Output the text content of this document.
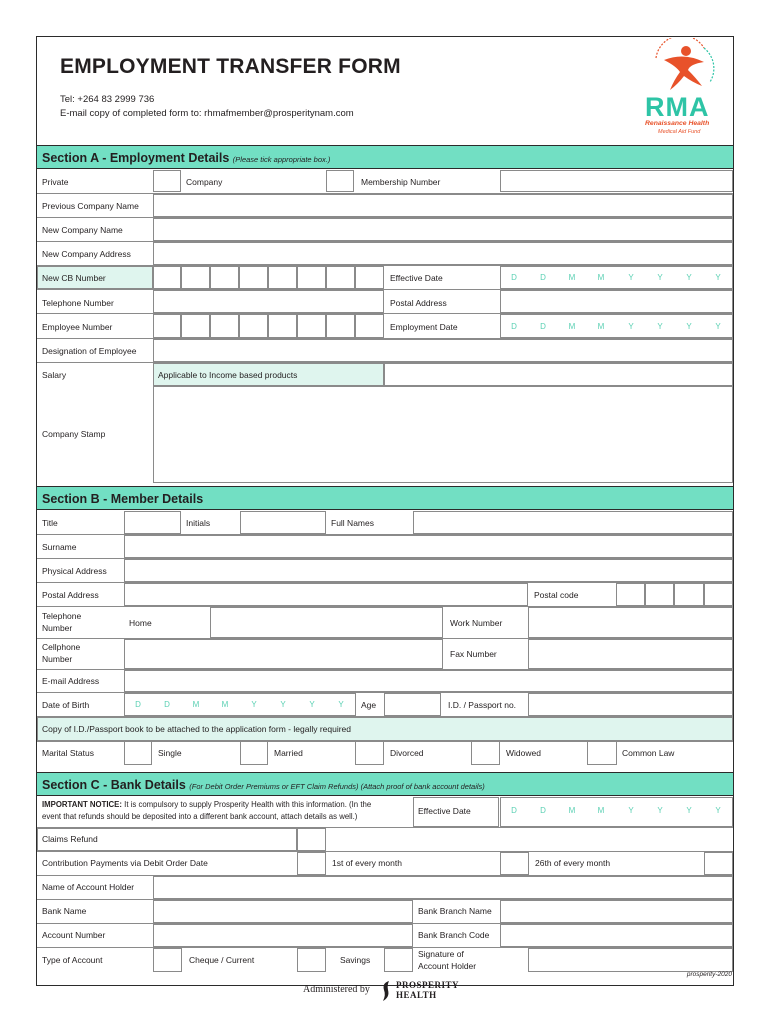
EMPLOYMENT TRANSFER FORM
Tel: +264 83 2999 736
E-mail copy of completed form to: rhmafmember@prosperitynam.com	RMA
Renaissance Health
Medical Aid Fund
Section A - Employment Details (Please tick appropriate box.)
Private	Company	Membership Number
Previous Company Name
New Company Name
New Company Address
New CB Number	Effective Date	D	D	M	M	Y	Y	Y	Y
Telephone Number	Postal Address
Employee Number	Employment Date	D	D	M	M	Y	Y	Y	Y
Designation of Employee
Salary	Applicable to Income based products
Company Stamp
Section B - Member Details
Title	Initials	Full Names
Surname
Physical Address
Postal Address	Postal code
Telephone
Number	Home	Work Number
Cellphone
Number	Fax Number
E-mail Address
Date of Birth	D	D	M	M	Y	Y	Y	Y	Age	I.D. / Passport no.
Copy of I.D./Passport book to be attached to the application form - legally required
Marital Status	Single	Married	Divorced	Widowed	Common Law
Section C - Bank Details (For Debit Order Premiums or EFT Claim Refunds) (Attach proof of bank account details)
IMPORTANT NOTICE: It is compulsory to supply Prosperity Health with this information. (In the
event that refunds should be deposited into a different bank account, attach details as well.)
Effective Date	D	D	M	M	Y	Y	Y	Y
Claims Refund
Contribution Payments via Debit Order Date	1st of every month	26th of every month
Name of Account Holder
Bank Name	Bank Branch Name
Account Number	Bank Branch Code
Type of Account	Cheque / Current	Savings
Signature of
Account Holder
prosperity-2020
Administered by	PROSPERITY
HEALTH
